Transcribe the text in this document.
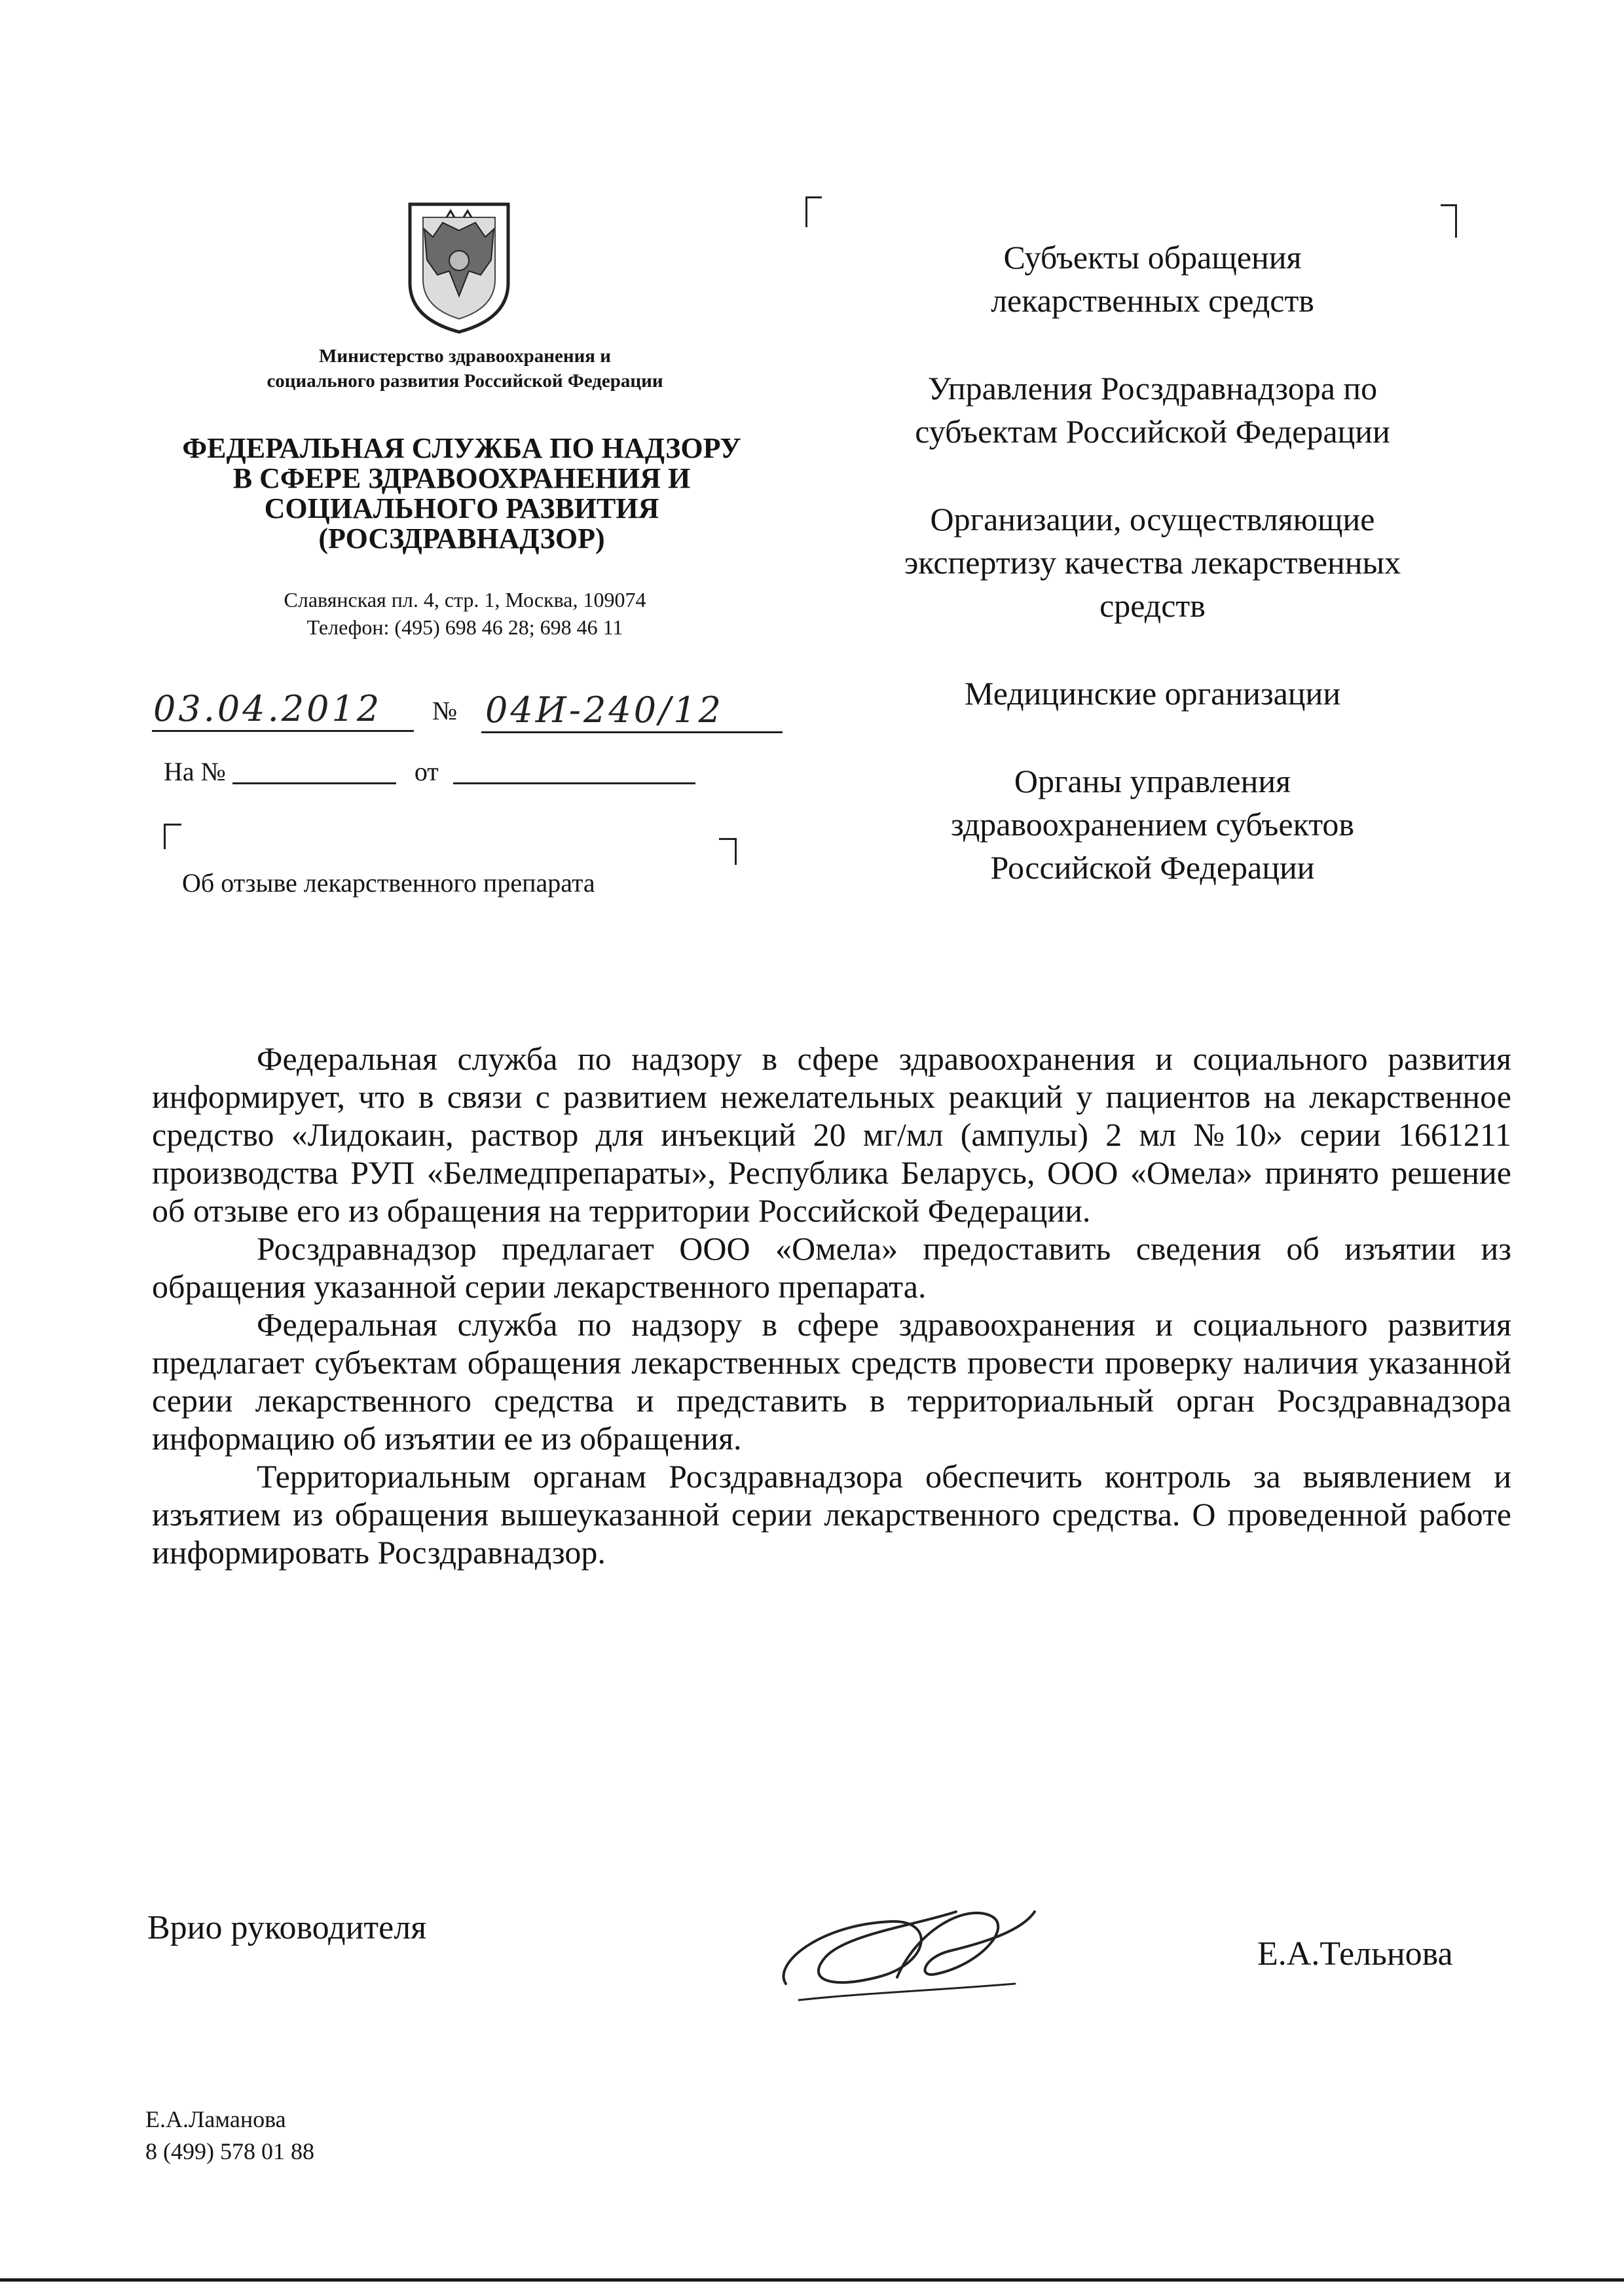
Министерство здравоохранения и
социального развития Российской Федерации
ФЕДЕРАЛЬНАЯ СЛУЖБА ПО НАДЗОРУ
В СФЕРЕ ЗДРАВООХРАНЕНИЯ И
СОЦИАЛЬНОГО РАЗВИТИЯ
(РОСЗДРАВНАДЗОР)
Славянская пл. 4, стр. 1, Москва, 109074
Телефон: (495) 698 46 28; 698 46 11
03.04.2012 № 04И-240/12
На №	от
Об отзыве лекарственного препарата
Субъекты обращения
лекарственных средств
Управления Росздравнадзора по
субъектам Российской Федерации
Организации, осуществляющие
экспертизу качества лекарственных
средств
Медицинские организации
Органы управления
здравоохранением субъектов
Российской Федерации

Федеральная служба по надзору в сфере здравоохранения и социального развития информирует, что в связи с развитием нежелательных реакций у пациентов на лекарственное средство «Лидокаин, раствор для инъекций 20 мг/мл (ампулы) 2 мл №10» серии 1661211 производства РУП «Белмедпрепараты», Республика Беларусь, ООО «Омела» принято решение об отзыве его из обращения на территории Российской Федерации.

Росздравнадзор предлагает ООО «Омела» предоставить сведения об изъятии из обращения указанной серии лекарственного препарата.

Федеральная служба по надзору в сфере здравоохранения и социального развития предлагает субъектам обращения лекарственных средств провести проверку наличия указанной серии лекарственного средства и представить в территориальный орган Росздравнадзора информацию об изъятии ее из обращения.

Территориальным органам Росздравнадзора обеспечить контроль за выявлением и изъятием из обращения вышеуказанной серии лекарственного средства. О проведенной работе информировать Росздравнадзор.

Врио руководителя
Е.А.Тельнова
Е.А.Ламанова
8 (499) 578 01 88
